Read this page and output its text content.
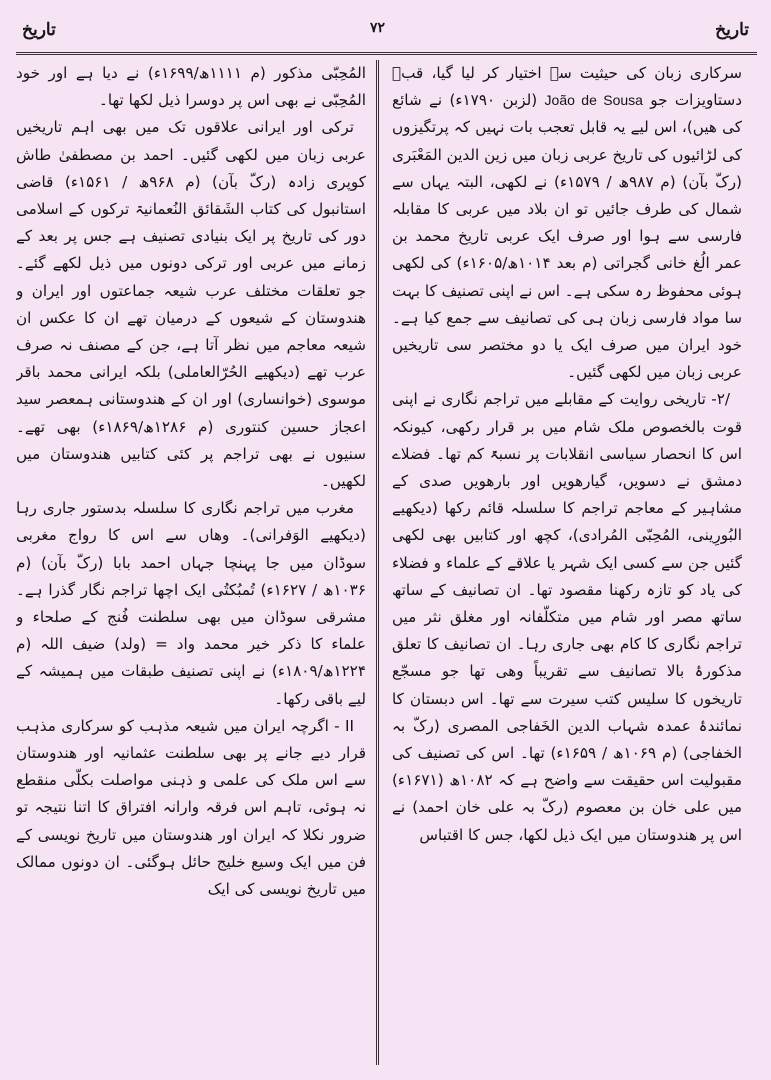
تاریخ
۷۲
تاریخ

سرکاری زبان کی حیثیت سے اختیار کر لیا گیا، قبؔ دستاویزات جو João de Sousa (لزبن ۱۷۹۰ء) نے شائع کی ھیں)، اس لیے یہ قابل تعجب بات نہیں کہ پرتگیزوں کی لڑائیوں کی تاریخ عربی زبان میں زین الدین المَعْبَری (رکّ بآن) (م ۹۸۷ھ / ۱۵۷۹ء) نے لکھی، البتہ یہاں سے شمال کی طرف جائیں تو ان بلاد میں عربی کا مقابلہ فارسی سے ہوا اور صرف ایک عربی تاریخ محمد بن عمر الُغ خانی گجراتی (م بعد ۱۰۱۴ھ/۱۶۰۵ء) کی لکھی ہوئی محفوظ رہ سکی ہے۔ اس نے اپنی تصنیف کا بہت سا مواد فارسی زبان ہی کی تصانیف سے جمع کیا ہے۔ خود ایران میں صرف ایک یا دو مختصر سی تاریخیں عربی زبان میں لکھی گئیں۔

/۲- تاریخی روایت کے مقابلے میں تراجم نگاری نے اپنی قوت بالخصوص ملک شام میں بر قرار رکھی، کیونکہ اس کا انحصار سیاسی انقلابات پر نسبۃً کم تھا۔ فضلاے دمشق نے دسویں، گیارھویں اور بارھویں صدی کے مشاہیر کے معاجم تراجم کا سلسلہ قائم رکھا (دیکھیے البُورِینی، المُحِبّی المُرادی)، کچھ اور کتابیں بھی لکھی گئیں جن سے کسی ایک شہر یا علاقے کے علماء و فضلاء کی یاد کو تازہ رکھنا مقصود تھا۔ ان تصانیف کے ساتھ ساتھ مصر اور شام میں متکلّفانہ اور مغلق نثر میں تراجم نگاری کا کام بھی جاری رہا۔ ان تصانیف کا تعلق مذکورۂ بالا تصانیف سے تقریباً وھی تھا جو مسجّع تاریخوں کا سلیس کتب سیرت سے تھا۔ اس دبستان کا نمائندۂ عمدہ شہاب الدین الخَفاجی المصری (رکّ بہ الخفاجی) (م ۱۰۶۹ھ / ۱۶۵۹ء) تھا۔ اس کی تصنیف کی مقبولیت اس حقیقت سے واضح ہے کہ ۱۰۸۲ھ (۱۶۷۱ء) میں علی خان بن معصوم (رکّ بہ علی خان احمد) نے اس پر ھندوستان میں ایک ذیل لکھا، جس کا اقتباس

المُحِبّی مذکور (م ۱۱۱۱ھ/۱۶۹۹ء) نے دیا ہے اور خود المُحِبّی نے بھی اس پر دوسرا ذیل لکھا تھا۔

ترکی اور ایرانی علاقوں تک میں بھی اہم تاریخیں عربی زبان میں لکھی گئیں۔ احمد بن مصطفیٰ طاش کوپری زادہ (رکّ بآن) (م ۹۶۸ھ / ۱۵۶۱ء) قاضی استانبول کی کتاب الشَقائق النُعمانیۃ ترکوں کے اسلامی دور کی تاریخ پر ایک بنیادی تصنیف ہے جس پر بعد کے زمانے میں عربی اور ترکی دونوں میں ذیل لکھے گئے۔ جو تعلقات مختلف عرب شیعہ جماعتوں اور ایران و ھندوستان کے شیعوں کے درمیان تھے ان کا عکس ان شیعہ معاجم میں نظر آتا ہے، جن کے مصنف نہ صرف عرب تھے (دیکھیے الحُرّالعاملی) بلکہ ایرانی محمد باقر موسوی (خوانساری) اور ان کے ھندوستانی ہمعصر سید اعجاز حسین کنتوری (م ۱۲۸۶ھ/۱۸۶۹ء) بھی تھے۔ سنیوں نے بھی تراجم پر کئی کتابیں ھندوستان میں لکھیں۔

مغرب میں تراجم نگاری کا سلسلہ بدستور جاری رہا (دیکھیے الوَفرانی)۔ وھاں سے اس کا رواج مغربی سوڈان میں جا پہنچا جہاں احمد بابا (رکّ بآن) (م ۱۰۳۶ھ / ۱۶۲۷ء) تُمبُکتُی ایک اچھا تراجم نگار گذرا ہے۔ مشرقی سوڈان میں بھی سلطنت فُنج کے صلحاء و علماء کا ذکر خیر محمد واد = (ولد) ضیف اللہ (م ۱۲۲۴ھ/۱۸۰۹ء) نے اپنی تصنیف طبقات میں ہمیشہ کے لیے باقی رکھا۔

II - اگرچہ ایران میں شیعہ مذہب کو سرکاری مذہب قرار دیے جانے پر بھی سلطنت عثمانیہ اور ھندوستان سے اس ملک کی علمی و ذہنی مواصلت بکلّی منقطع نہ ہوئی، تاہم اس فرقہ وارانہ افتراق کا اتنا نتیجہ تو ضرور نکلا کہ ایران اور ھندوستان میں تاریخ نویسی کے فن میں ایک وسیع خلیج حائل ہوگئی۔ ان دونوں ممالک میں تاریخ نویسی کی ایک
